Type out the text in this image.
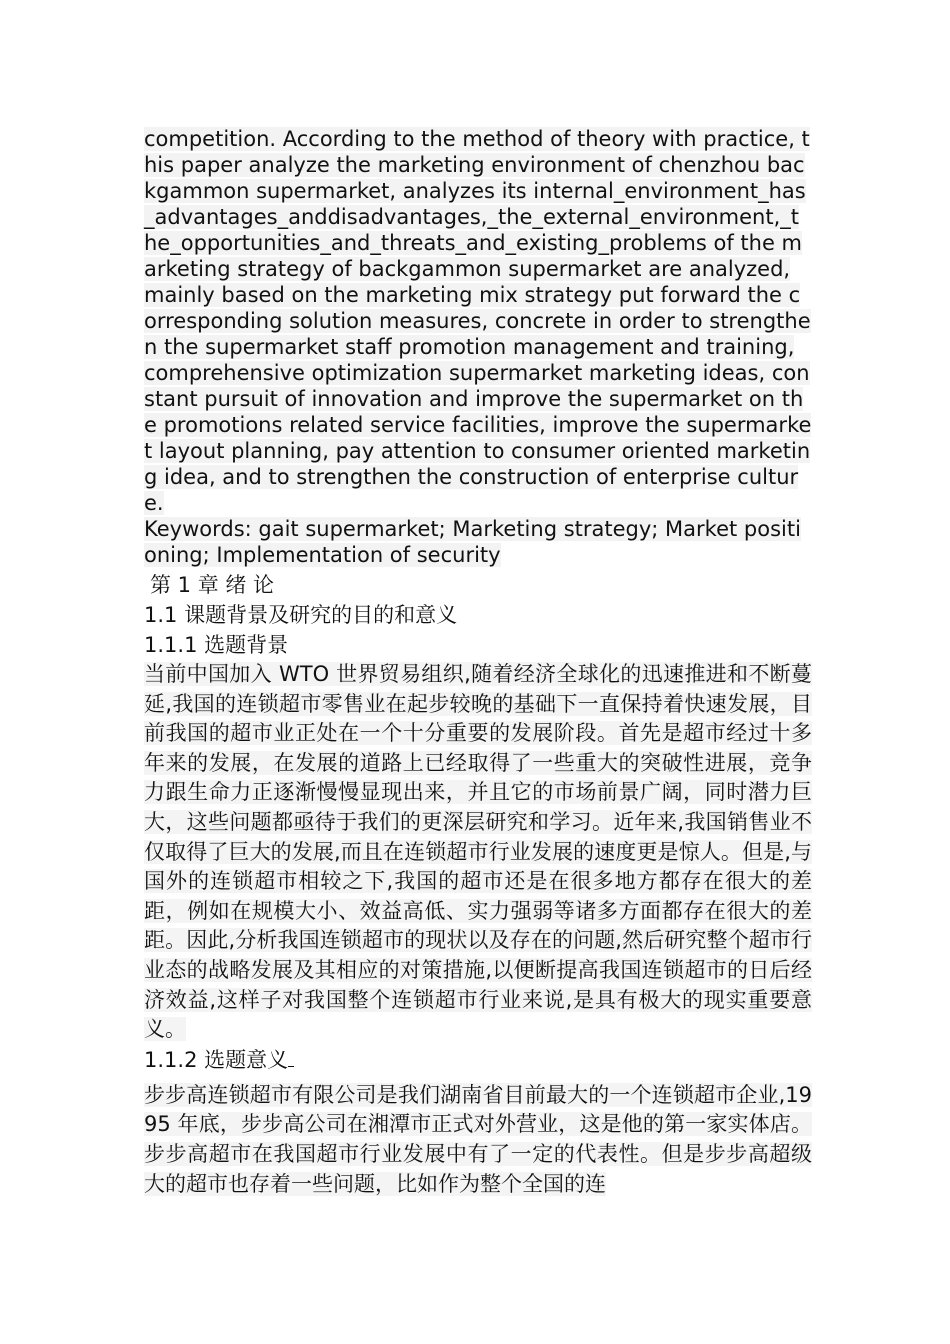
competition. According to the method of theory with practice, this paper analyze the marketing environment of chenzhou backgammon supermarket, analyzes its internal_environment_has_advantages_anddisadvantages,_the_external_environment,_the_opportunities_and_threats_and_existing_problems of the marketing strategy of backgammon supermarket are analyzed, mainly based on the marketing mix strategy put forward the corresponding solution measures, concrete in order to strengthen the supermarket staff promotion management and training, comprehensive optimization supermarket marketing ideas, constant pursuit of innovation and improve the supermarket on the promotions related service facilities, improve the supermarket layout planning, pay attention to consumer oriented marketing idea, and to strengthen the construction of enterprise culture.

Keywords: gait supermarket; Marketing strategy; Market positioning; Implementation of security

第 1 章 绪 论

1.1 课题背景及研究的目的和意义

1.1.1 选题背景

当前中国加入 WTO 世界贸易组织,随着经济全球化的迅速推进和不断蔓延,我国的连锁超市零售业在起步较晚的基础下一直保持着快速发展，目前我国的超市业正处在一个十分重要的发展阶段。首先是超市经过十多年来的发展，在发展的道路上已经取得了一些重大的突破性进展，竞争力跟生命力正逐渐慢慢显现出来，并且它的市场前景广阔，同时潜力巨大，这些问题都亟待于我们的更深层研究和学习。近年来,我国销售业不仅取得了巨大的发展,而且在连锁超市行业发展的速度更是惊人。但是,与国外的连锁超市相较之下,我国的超市还是在很多地方都存在很大的差距，例如在规模大小、效益高低、实力强弱等诸多方面都存在很大的差距。因此,分析我国连锁超市的现状以及存在的问题,然后研究整个超市行业态的战略发展及其相应的对策措施,以便断提高我国连锁超市的日后经济效益,这样子对我国整个连锁超市行业来说,是具有极大的现实重要意义。

1.1.2 选题意义

步步高连锁超市有限公司是我们湖南省目前最大的一个连锁超市企业,1995 年底，步步高公司在湘潭市正式对外营业，这是他的第一家实体店。步步高超市在我国超市行业发展中有了一定的代表性。但是步步高超级大的超市也存着一些问题，比如作为整个全国的连
